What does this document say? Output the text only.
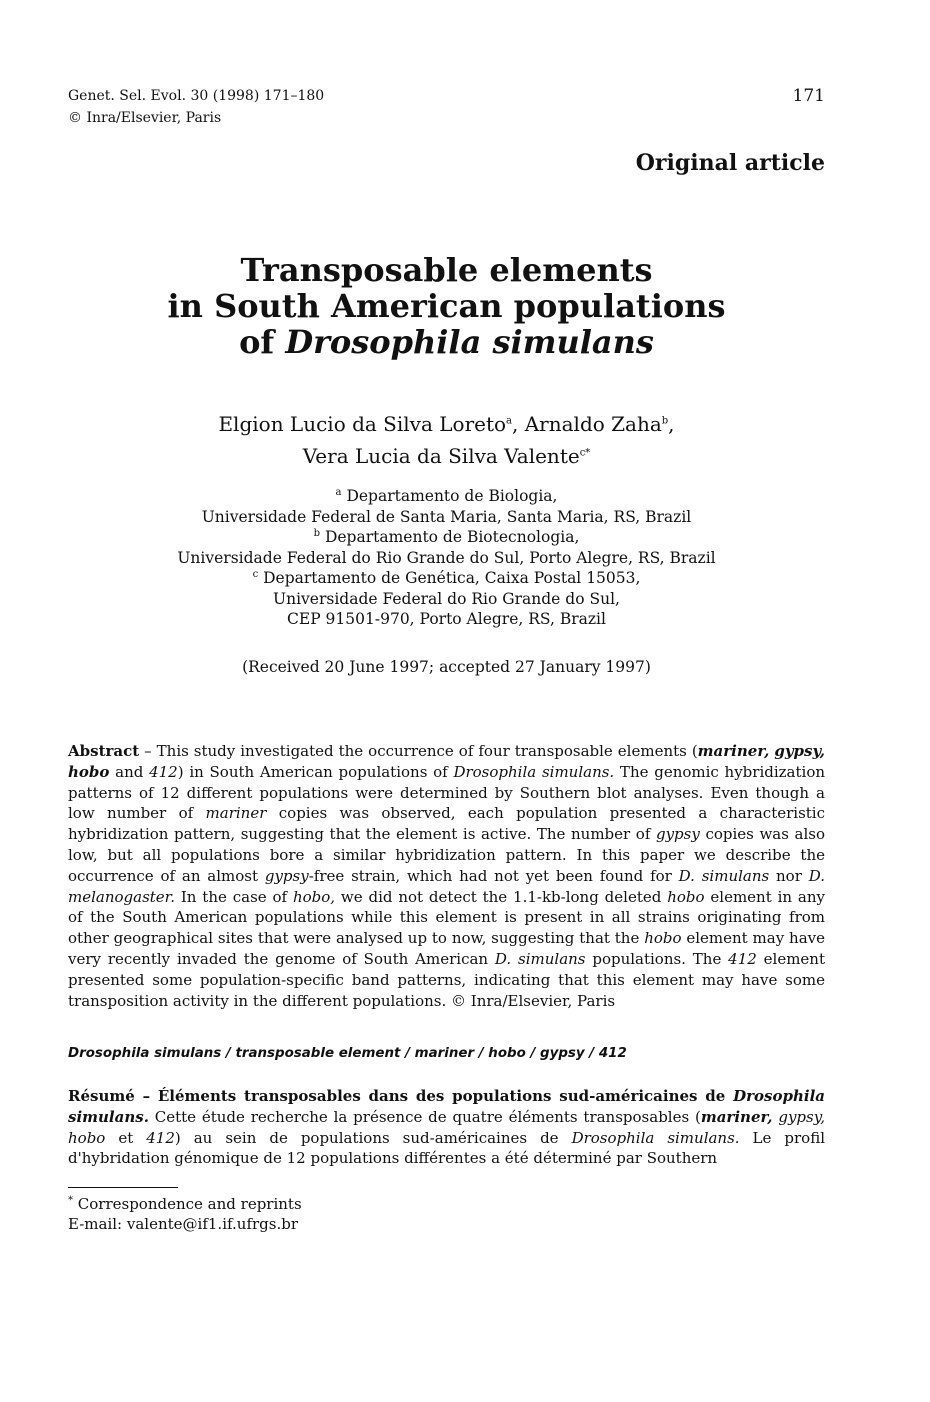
Genet. Sel. Evol. 30 (1998) 171–180
© Inra/Elsevier, Paris
171
Original article
Transposable elements
in South American populations
of Drosophila simulans
Elgion Lucio da Silva Loreto$^a$, Arnaldo Zaha$^b$,
Vera Lucia da Silva Valente$^{c*}$
$^a$ Departamento de Biologia,
Universidade Federal de Santa Maria, Santa Maria, RS, Brazil
$^b$ Departamento de Biotecnologia,
Universidade Federal do Rio Grande do Sul, Porto Alegre, RS, Brazil
$^c$ Departamento de Genética, Caixa Postal 15053,
Universidade Federal do Rio Grande do Sul,
CEP 91501-970, Porto Alegre, RS, Brazil
(Received 20 June 1997; accepted 27 January 1997)
Abstract – This study investigated the occurrence of four transposable elements (mariner, gypsy, hobo and 412) in South American populations of Drosophila simulans. The genomic hybridization patterns of 12 different populations were determined by Southern blot analyses. Even though a low number of mariner copies was observed, each population presented a characteristic hybridization pattern, suggesting that the element is active. The number of gypsy copies was also low, but all populations bore a similar hybridization pattern. In this paper we describe the occurrence of an almost gypsy-free strain, which had not yet been found for D. simulans nor D. melanogaster. In the case of hobo, we did not detect the 1.1-kb-long deleted hobo element in any of the South American populations while this element is present in all strains originating from other geographical sites that were analysed up to now, suggesting that the hobo element may have very recently invaded the genome of South American D. simulans populations. The 412 element presented some population-specific band patterns, indicating that this element may have some transposition activity in the different populations. © Inra/Elsevier, Paris
Drosophila simulans / transposable element / mariner / hobo / gypsy / 412
Résumé – Éléments transposables dans des populations sud-américaines de Drosophila simulans. Cette étude recherche la présence de quatre éléments transposables (mariner, gypsy, hobo et 412) au sein de populations sud-américaines de Drosophila simulans. Le profil d'hybridation génomique de 12 populations différentes a été déterminé par Southern
* Correspondence and reprints
E-mail: valente@if1.if.ufrgs.br
